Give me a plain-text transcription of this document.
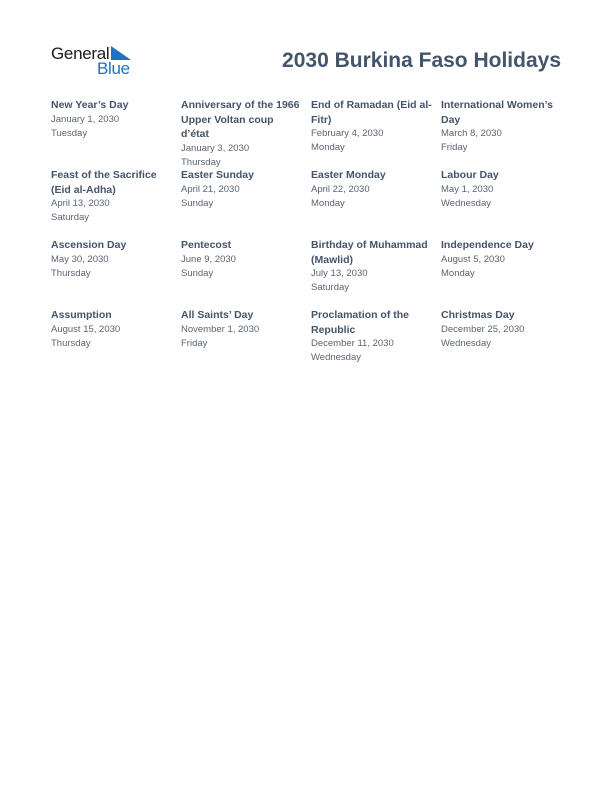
General
Blue	2030 Burkina Faso Holidays
New Year’s Day
January 1, 2030
Tuesday
Anniversary of the 1966 Upper Voltan coup d’état
January 3, 2030
Thursday
End of Ramadan (Eid al-Fitr)
February 4, 2030
Monday
International Women’s Day
March 8, 2030
Friday
Feast of the Sacrifice (Eid al-Adha)
April 13, 2030
Saturday
Easter Sunday
April 21, 2030
Sunday
Easter Monday
April 22, 2030
Monday
Labour Day
May 1, 2030
Wednesday
Ascension Day
May 30, 2030
Thursday
Pentecost
June 9, 2030
Sunday
Birthday of Muhammad (Mawlid)
July 13, 2030
Saturday
Independence Day
August 5, 2030
Monday
Assumption
August 15, 2030
Thursday
All Saints’ Day
November 1, 2030
Friday
Proclamation of the Republic
December 11, 2030
Wednesday
Christmas Day
December 25, 2030
Wednesday
